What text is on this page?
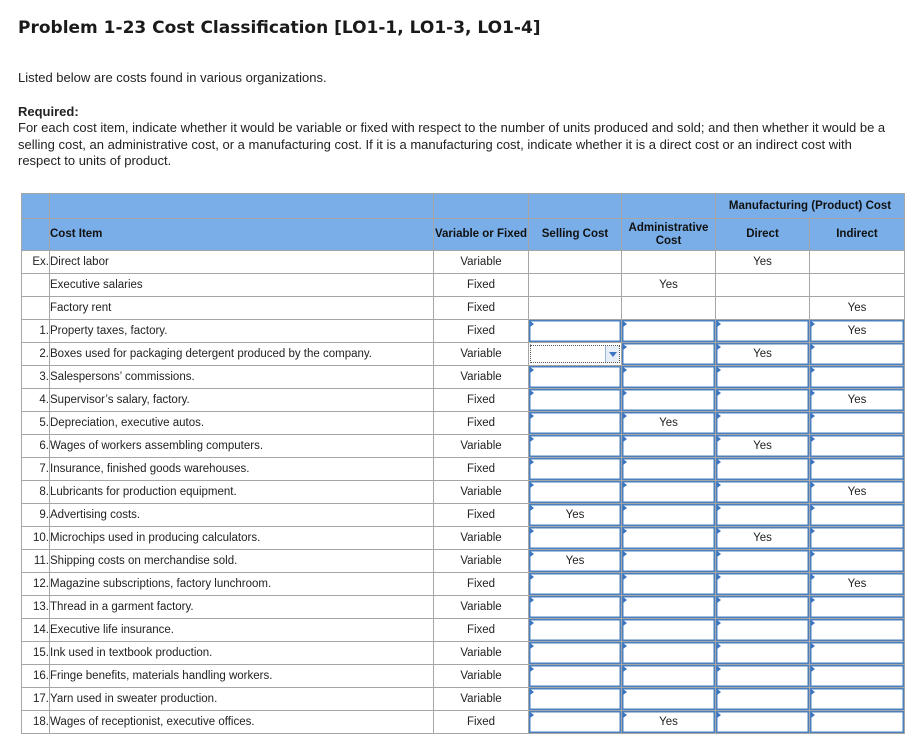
Problem 1-23 Cost Classification [LO1-1, LO1-3, LO1-4]
Listed below are costs found in various organizations.
Required:
For each cost item, indicate whether it would be variable or fixed with respect to the number of units produced and sold; and then whether it would be a selling cost, an administrative cost, or a manufacturing cost. If it is a manufacturing cost, indicate whether it is a direct cost or an indirect cost with respect to units of product.
					Manufacturing (Product) Cost	
	Cost Item	Variable or Fixed	Selling Cost	Administrative Cost	Direct	Indirect
Ex.	Direct labor	Variable			Yes	
	Executive salaries	Fixed		Yes		
	Factory rent	Fixed				Yes
1.	Property taxes, factory.	Fixed				Yes
2.	Boxes used for packaging detergent produced by the company.	Variable			Yes	
3.	Salespersons’ commissions.	Variable				
4.	Supervisor’s salary, factory.	Fixed				Yes
5.	Depreciation, executive autos.	Fixed		Yes		
6.	Wages of workers assembling computers.	Variable			Yes	
7.	Insurance, finished goods warehouses.	Fixed				
8.	Lubricants for production equipment.	Variable				Yes
9.	Advertising costs.	Fixed	Yes			
10.	Microchips used in producing calculators.	Variable			Yes	
11.	Shipping costs on merchandise sold.	Variable	Yes			
12.	Magazine subscriptions, factory lunchroom.	Fixed				Yes
13.	Thread in a garment factory.	Variable				
14.	Executive life insurance.	Fixed				
15.	Ink used in textbook production.	Variable				
16.	Fringe benefits, materials handling workers.	Variable				
17.	Yarn used in sweater production.	Variable				
18.	Wages of receptionist, executive offices.	Fixed		Yes		
